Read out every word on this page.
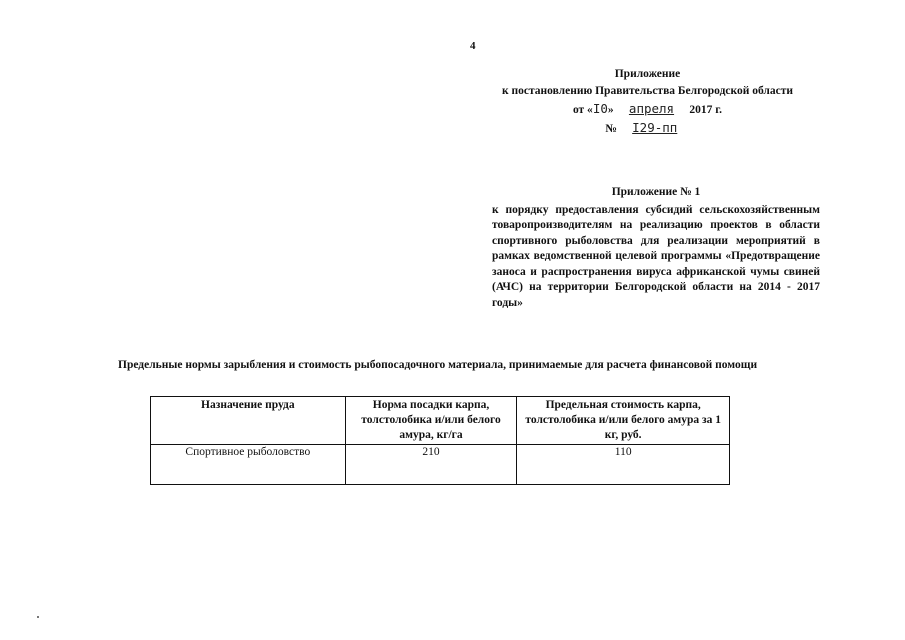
4
Приложение
к постановлению Правительства Белгородской области
от «I0» апреля 2017 г.
№ I29-пп
Приложение № 1
к порядку предоставления субсидий сельскохозяйственным товаропроизводителям на реализацию проектов в области спортивного рыболовства для реализации мероприятий в рамках ведомственной целевой программы «Предотвращение заноса и распространения вируса африканской чумы свиней (АЧС) на территории Белгородской области на 2014 - 2017 годы»
Предельные нормы зарыбления и стоимость рыбопосадочного материала, принимаемые для расчета финансовой помощи
Назначение пруда	Норма посадки карпа, толстолобика и/или белого амура, кг/га	Предельная стоимость карпа, толстолобика и/или белого амура за 1 кг, руб.
Спортивное рыболовство	210	110
